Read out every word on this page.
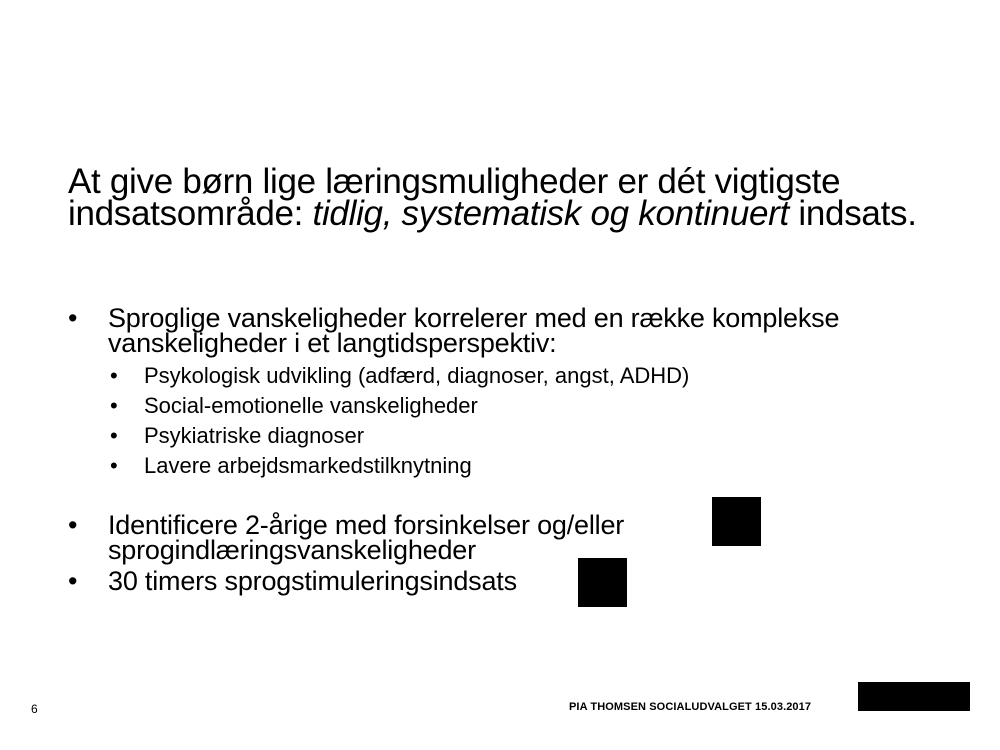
At give børn lige læringsmuligheder er dét vigtigste indsatsområde: tidlig, systematisk og kontinuert indsats.
• Sproglige vanskeligheder korrelerer med en række komplekse vanskeligheder i et langtidsperspektiv:
• Psykologisk udvikling (adfærd, diagnoser, angst, ADHD)
• Social-emotionelle vanskeligheder
• Psykiatriske diagnoser
• Lavere arbejdsmarkedstilknytning
• Identificere 2-årige med forsinkelser og/eller sprogindlæringsvanskeligheder
• 30 timers sprogstimuleringsindsats
6	PIA THOMSEN SOCIALUDVALGET 15.03.2017
